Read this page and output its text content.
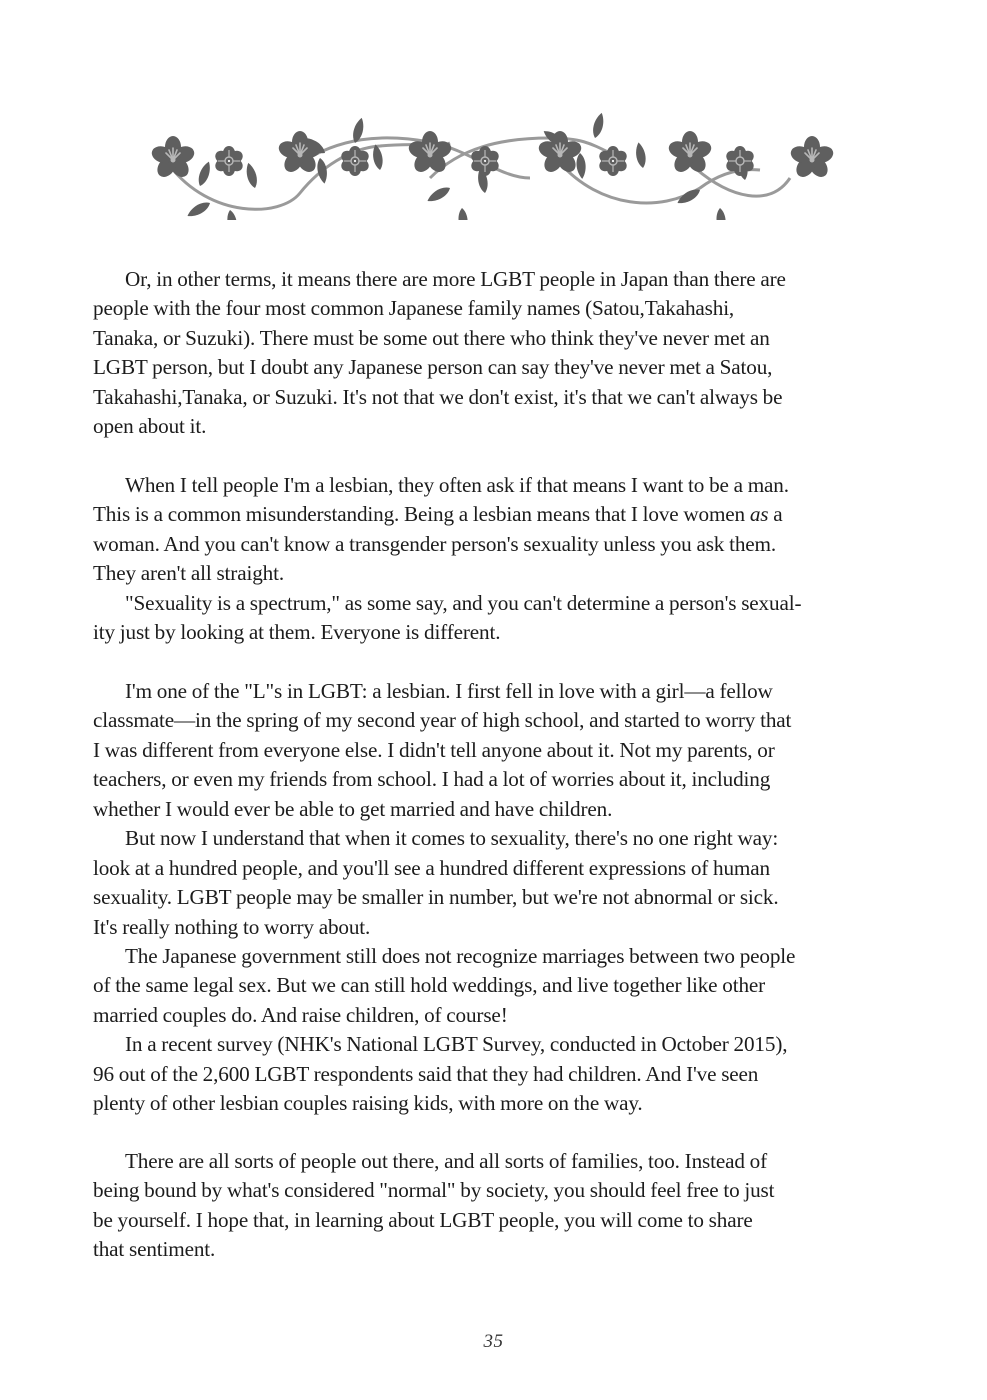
Or, in other terms, it means there are more LGBT people in Japan than there are
people with the four most common Japanese family names (Satou,Takahashi,
Tanaka, or Suzuki). There must be some out there who think they've never met an
LGBT person, but I doubt any Japanese person can say they've never met a Satou,
Takahashi,Tanaka, or Suzuki. It's not that we don't exist, it's that we can't always be
open about it.
When I tell people I'm a lesbian, they often ask if that means I want to be a man.
This is a common misunderstanding. Being a lesbian means that I love women as a
woman. And you can't know a transgender person's sexuality unless you ask them.
They aren't all straight.
"Sexuality is a spectrum," as some say, and you can't determine a person's sexual-
ity just by looking at them. Everyone is different.
I'm one of the "L"s in LGBT: a lesbian. I first fell in love with a girl—a fellow
classmate—in the spring of my second year of high school, and started to worry that
I was different from everyone else. I didn't tell anyone about it. Not my parents, or
teachers, or even my friends from school. I had a lot of worries about it, including
whether I would ever be able to get married and have children.
But now I understand that when it comes to sexuality, there's no one right way:
look at a hundred people, and you'll see a hundred different expressions of human
sexuality. LGBT people may be smaller in number, but we're not abnormal or sick.
It's really nothing to worry about.
The Japanese government still does not recognize marriages between two people
of the same legal sex. But we can still hold weddings, and live together like other
married couples do. And raise children, of course!
In a recent survey (NHK's National LGBT Survey, conducted in October 2015),
96 out of the 2,600 LGBT respondents said that they had children. And I've seen
plenty of other lesbian couples raising kids, with more on the way.
There are all sorts of people out there, and all sorts of families, too. Instead of
being bound by what's considered "normal" by society, you should feel free to just
be yourself. I hope that, in learning about LGBT people, you will come to share
that sentiment.
35
